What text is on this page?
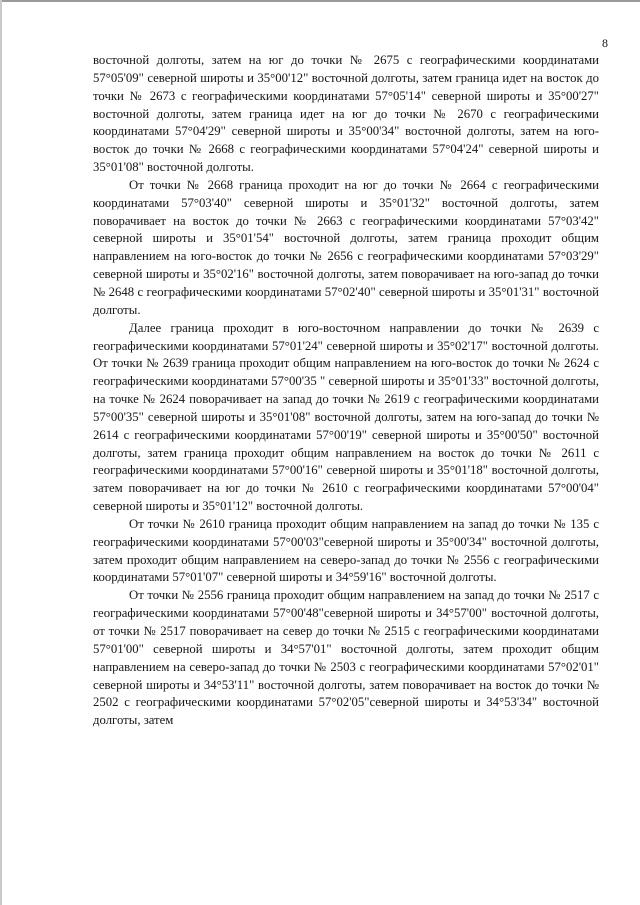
8

восточной долготы, затем на юг до точки № 2675 с географическими координатами 57°05'09" северной широты и 35°00'12" восточной долготы, затем граница идет на восток до точки № 2673 с географическими координатами 57°05'14" северной широты и 35°00'27" восточной долготы, затем граница идет на юг до точки № 2670 с географическими координатами 57°04'29" северной широты и 35°00'34" восточной долготы, затем на юго-восток до точки № 2668 с географическими координатами 57°04'24" северной широты и 35°01'08" восточной долготы.

От точки № 2668 граница проходит на юг до точки № 2664 с географическими координатами 57°03'40" северной широты и 35°01'32" восточной долготы, затем поворачивает на восток до точки № 2663 с географическими координатами 57°03'42" северной широты и 35°01'54" восточной долготы, затем граница проходит общим направлением на юго-восток до точки № 2656 с географическими координатами 57°03'29" северной широты и 35°02'16" восточной долготы, затем поворачивает на юго-запад до точки № 2648 с географическими координатами 57°02'40" северной широты и 35°01'31" восточной долготы.

Далее граница проходит в юго-восточном направлении до точки № 2639 с географическими координатами 57°01'24" северной широты и 35°02'17" восточной долготы. От точки № 2639 граница проходит общим направлением на юго-восток до точки № 2624 с географическими координатами 57°00'35 " северной широты и 35°01'33" восточной долготы, на точке № 2624 поворачивает на запад до точки № 2619 с географическими координатами 57°00'35" северной широты и 35°01'08" восточной долготы, затем на юго-запад до точки № 2614 с географическими координатами 57°00'19" северной широты и 35°00'50" восточной долготы, затем граница проходит общим направлением на восток до точки № 2611 с географическими координатами 57°00'16" северной широты и 35°01'18" восточной долготы, затем поворачивает на юг до точки № 2610 с географическими координатами 57°00'04" северной широты и 35°01'12" восточной долготы.

От точки № 2610 граница проходит общим направлением на запад до точки № 135 с географическими координатами 57°00'03"северной широты и 35°00'34" восточной долготы, затем проходит общим направлением на северо-запад до точки № 2556 с географическими координатами 57°01'07" северной широты и 34°59'16" восточной долготы.

От точки № 2556 граница проходит общим направлением на запад до точки № 2517 с географическими координатами 57°00'48"северной широты и 34°57'00" восточной долготы, от точки № 2517 поворачивает на север до точки № 2515 с географическими координатами 57°01'00" северной широты и 34°57'01" восточной долготы, затем проходит общим направлением на северо-запад до точки № 2503 с географическими координатами 57°02'01" северной широты и 34°53'11" восточной долготы, затем поворачивает на восток до точки № 2502 с географическими координатами 57°02'05"северной широты и 34°53'34" восточной долготы, затем
